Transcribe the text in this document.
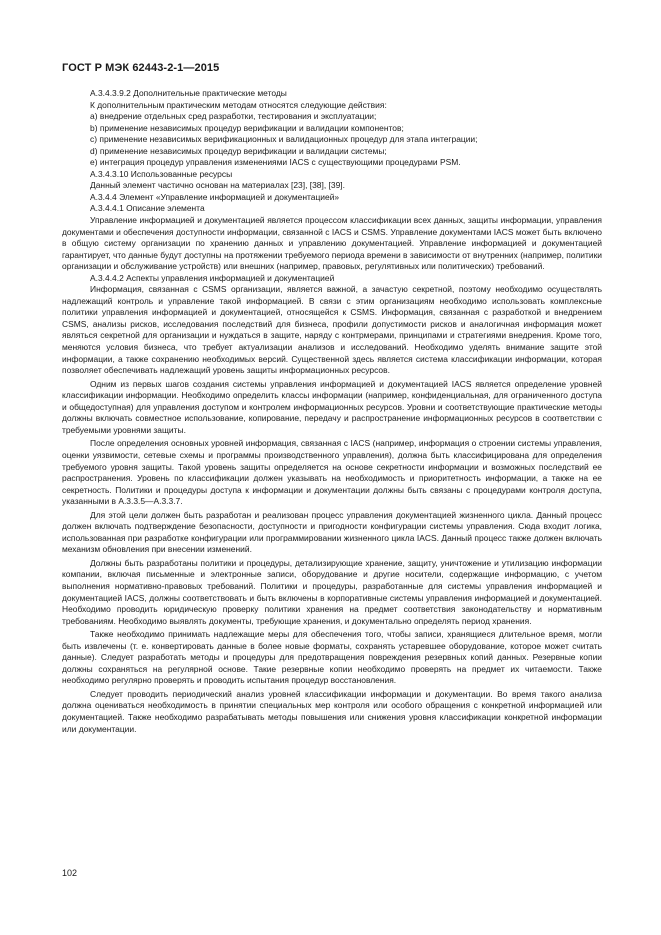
ГОСТ Р МЭК 62443-2-1—2015

А.3.4.3.9.2 Дополнительные практические методы

К дополнительным практическим методам относятся следующие действия:

а) внедрение отдельных сред разработки, тестирования и эксплуатации;

b) применение независимых процедур верификации и валидации компонентов;

с) применение независимых верификационных и валидационных процедур для этапа интеграции;

d) применение независимых процедур верификации и валидации системы;

е) интеграция процедур управления изменениями IACS с существующими процедурами PSM.

А.3.4.3.10 Использованные ресурсы

Данный элемент частично основан на материалах [23], [38], [39].

А.3.4.4 Элемент «Управление информацией и документацией»

А.3.4.4.1 Описание элемента

Управление информацией и документацией является процессом классификации всех данных, защиты информации, управления документами и обеспечения доступности информации, связанной с IACS и CSMS. Управление документами IACS может быть включено в общую систему организации по хранению данных и управлению документацией. Управление информацией и документацией гарантирует, что данные будут доступны на протяжении требуемого периода времени в зависимости от внутренних (например, политики организации и обслуживание устройств) или внешних (например, правовых, регулятивных или политических) требований.

А.3.4.4.2 Аспекты управления информацией и документацией

Информация, связанная с CSMS организации, является важной, а зачастую секретной, поэтому необходимо осуществлять надлежащий контроль и управление такой информацией. В связи с этим организациям необходимо использовать комплексные политики управления информацией и документацией, относящейся к CSMS. Информация, связанная с разработкой и внедрением CSMS, анализы рисков, исследования последствий для бизнеса, профили допустимости рисков и аналогичная информация может являться секретной для организации и нуждаться в защите, наряду с контрмерами, принципами и стратегиями внедрения. Кроме того, меняются условия бизнеса, что требует актуализации анализов и исследований. Необходимо уделять внимание защите этой информации, а также сохранению необходимых версий. Существенной здесь является система классификации информации, которая позволяет обеспечивать надлежащий уровень защиты информационных ресурсов.

Одним из первых шагов создания системы управления информацией и документацией IACS является определение уровней классификации информации. Необходимо определить классы информации (например, конфиденциальная, для ограниченного доступа и общедоступная) для управления доступом и контролем информационных ресурсов. Уровни и соответствующие практические методы должны включать совместное использование, копирование, передачу и распространение информационных ресурсов в соответствии с требуемыми уровнями защиты.

После определения основных уровней информация, связанная с IACS (например, информация о строении системы управления, оценки уязвимости, сетевые схемы и программы производственного управления), должна быть классифицирована для определения требуемого уровня защиты. Такой уровень защиты определяется на основе секретности информации и возможных последствий ее распространения. Уровень по классификации должен указывать на необходимость и приоритетность информации, а также на ее секретность. Политики и процедуры доступа к информации и документации должны быть связаны с процедурами контроля доступа, указанными в А.3.3.5—А.3.3.7.

Для этой цели должен быть разработан и реализован процесс управления документацией жизненного цикла. Данный процесс должен включать подтверждение безопасности, доступности и пригодности конфигурации системы управления. Сюда входит логика, использованная при разработке конфигурации или программировании жизненного цикла IACS. Данный процесс также должен включать механизм обновления при внесении изменений.

Должны быть разработаны политики и процедуры, детализирующие хранение, защиту, уничтожение и утилизацию информации компании, включая письменные и электронные записи, оборудование и другие носители, содержащие информацию, с учетом выполнения нормативно-правовых требований. Политики и процедуры, разработанные для системы управления информацией и документацией IACS, должны соответствовать и быть включены в корпоративные системы управления информацией и документацией. Необходимо проводить юридическую проверку политики хранения на предмет соответствия законодательству и нормативным требованиям. Необходимо выявлять документы, требующие хранения, и документально определять период хранения.

Также необходимо принимать надлежащие меры для обеспечения того, чтобы записи, хранящиеся длительное время, могли быть извлечены (т. е. конвертировать данные в более новые форматы, сохранять устаревшее оборудование, которое может считать данные). Следует разработать методы и процедуры для предотвращения повреждения резервных копий данных. Резервные копии должны сохраняться на регулярной основе. Такие резервные копии необходимо проверять на предмет их читаемости. Также необходимо регулярно проверять и проводить испытания процедур восстановления.

Следует проводить периодический анализ уровней классификации информации и документации. Во время такого анализа должна оцениваться необходимость в принятии специальных мер контроля или особого обращения с конкретной информацией или документацией. Также необходимо разрабатывать методы повышения или снижения уровня классификации конкретной информации или документации.

102
